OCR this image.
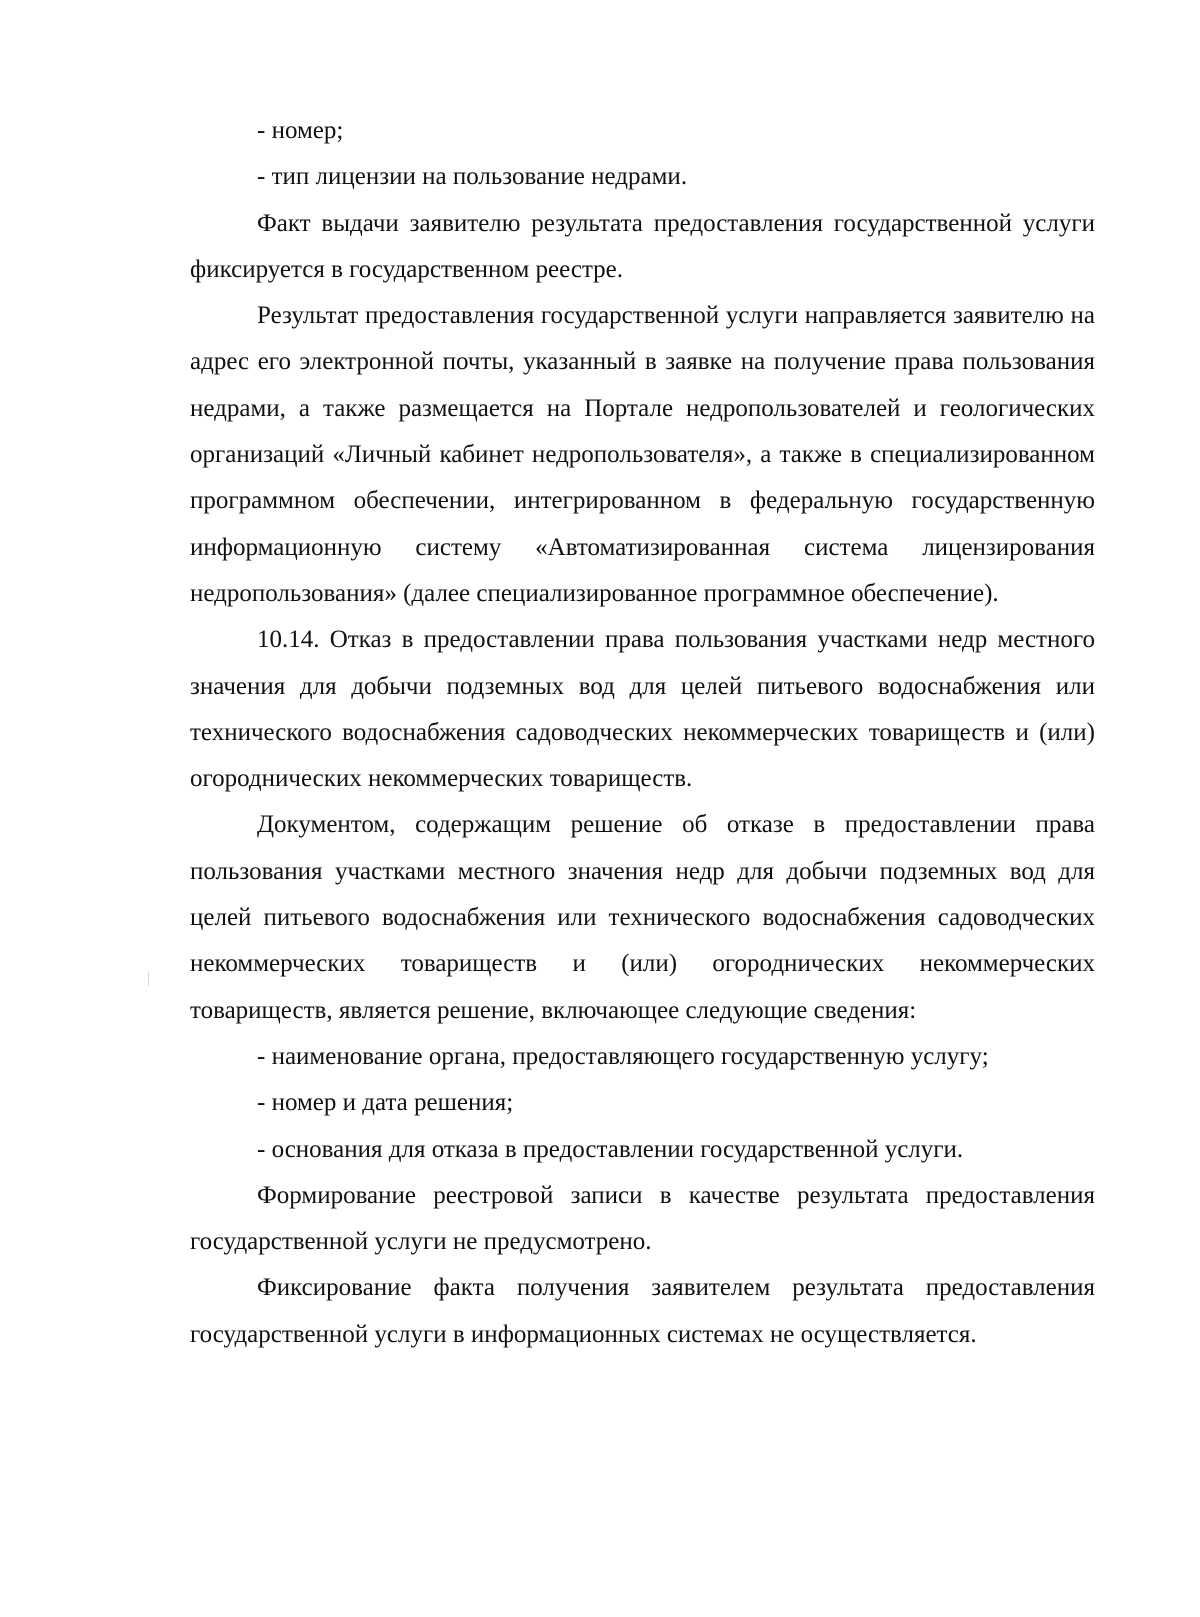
- номер;

- тип лицензии на пользование недрами.

Факт выдачи заявителю результата предоставления государственной услуги фиксируется в государственном реестре.

Результат предоставления государственной услуги направляется заявителю на адрес его электронной почты, указанный в заявке на получение права пользования недрами, а также размещается на Портале недропользователей и геологических организаций «Личный кабинет недропользователя», а также в специализированном программном обеспечении, интегрированном в федеральную государственную информационную систему «Автоматизированная система лицензирования недропользования» (далее специализированное программное обеспечение).

10.14. Отказ в предоставлении права пользования участками недр местного значения для добычи подземных вод для целей питьевого водоснабжения или технического водоснабжения садоводческих некоммерческих товариществ и (или) огороднических некоммерческих товариществ.

Документом, содержащим решение об отказе в предоставлении права пользования участками местного значения недр для добычи подземных вод для целей питьевого водоснабжения или технического водоснабжения садоводческих некоммерческих товариществ и (или) огороднических некоммерческих товариществ, является решение, включающее следующие сведения:

- наименование органа, предоставляющего государственную услугу;

- номер и дата решения;

- основания для отказа в предоставлении государственной услуги.

Формирование реестровой записи в качестве результата предоставления государственной услуги не предусмотрено.

Фиксирование факта получения заявителем результата предоставления государственной услуги в информационных системах не осуществляется.
